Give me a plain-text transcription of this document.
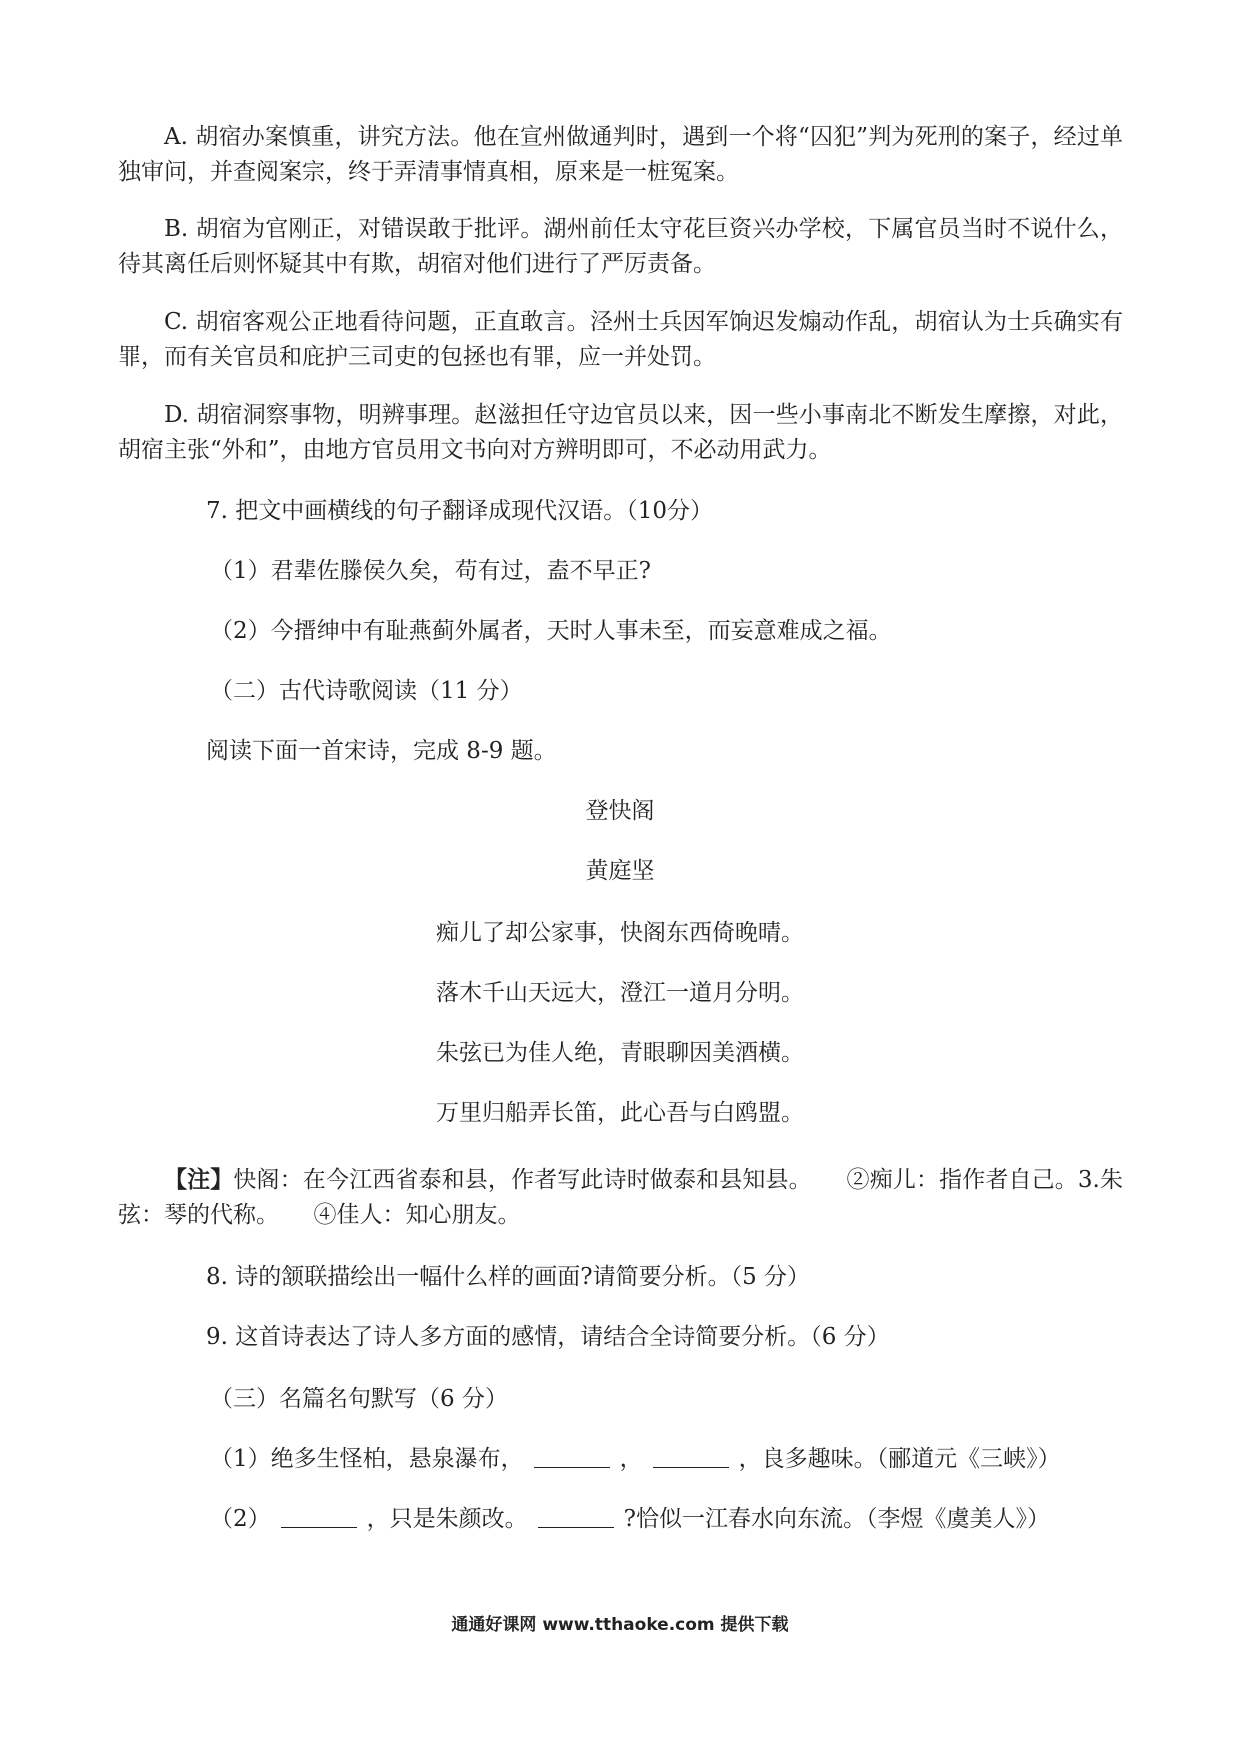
A. 胡宿办案慎重，讲究方法。他在宣州做通判时，遇到一个将“囚犯”判为死刑的案子，经过单独审问，并查阅案宗，终于弄清事情真相，原来是一桩冤案。
B. 胡宿为官刚正，对错误敢于批评。湖州前任太守花巨资兴办学校，下属官员当时不说什么，待其离任后则怀疑其中有欺，胡宿对他们进行了严厉责备。
C. 胡宿客观公正地看待问题，正直敢言。泾州士兵因军饷迟发煽动作乱，胡宿认为士兵确实有罪，而有关官员和庇护三司吏的包拯也有罪，应一并处罚。
D. 胡宿洞察事物，明辨事理。赵滋担任守边官员以来，因一些小事南北不断发生摩擦，对此，胡宿主张“外和”，由地方官员用文书向对方辨明即可，不必动用武力。
7. 把文中画横线的句子翻译成现代汉语。（10分）
（1）君辈佐滕侯久矣，苟有过，盍不早正?
（2）今搢绅中有耻燕蓟外属者，天时人事未至，而妄意难成之福。
（二）古代诗歌阅读（11 分）
阅读下面一首宋诗，完成 8-9 题。
登快阁
黄庭坚
痴儿了却公家事，快阁东西倚晚晴。
落木千山天远大，澄江一道月分明。
朱弦已为佳人绝，青眼聊因美酒横。
万里归船弄长笛，此心吾与白鸥盟。
【注】快阁：在今江西省泰和县，作者写此诗时做泰和县知县。　　②痴儿：指作者自己。3.朱弦：琴的代称。　　④佳人：知心朋友。
8. 诗的颔联描绘出一幅什么样的画面?请简要分析。（5 分）
9. 这首诗表达了诗人多方面的感情，请结合全诗简要分析。（6 分）
（三）名篇名句默写（6 分）
（1）绝多生怪柏，悬泉瀑布，	，	，良多趣味。（郦道元《三峡》）
（2）	，只是朱颜改。	?恰似一江春水向东流。（李煜《虞美人》）
通通好课网 www.tthaoke.com 提供下载
